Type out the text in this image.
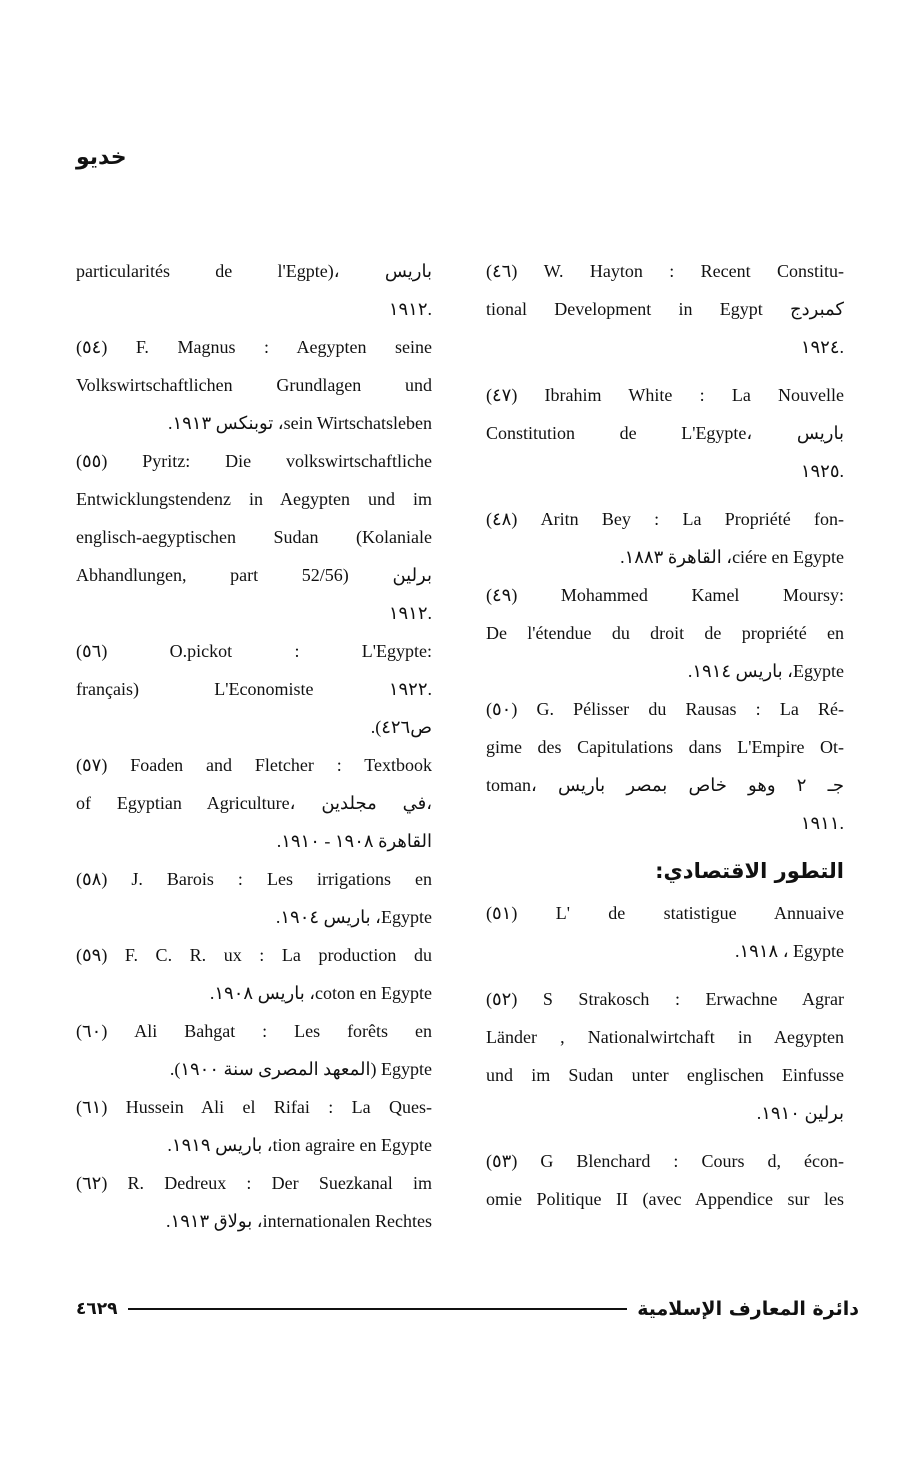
خديو
(٤٦) W. Hayton : Recent Constitu-
tional Development in Egypt كمبردج
.١٩٢٤
(٤٧) Ibrahim White : La Nouvelle
Constitution de L'Egypte، باريس
.١٩٢٥
(٤٨) Aritn Bey : La Propriété fon-
ciére en Egypte، القاهرة ١٨٨٣.
(٤٩) Mohammed Kamel Moursy:
De l'étendue du droit de propriété en
Egypte، باريس ١٩١٤.
(٥٠) G. Pélisser du Rausas : La Ré-
gime des Capitulations dans L'Empire Ot-
toman، جـ ٢ وهو خاص بمصر باريس
.١٩١١
التطور الاقتصادي:
(٥١) L' de statistigue Annuaive
Egypte ، ١٩١٨.
(٥٢) S Strakosch : Erwachne Agrar
Länder , Nationalwirtchaft in Aegypten
und im Sudan unter englischen Einfusse
برلين ١٩١٠.
(٥٣) G Blenchard : Cours d, écon-
omie Politique II (avec Appendice sur les
particularités de l'Egpte)، باريس
.١٩١٢
(٥٤) F. Magnus : Aegypten seine
Volkswirtschaftlichen Grundlagen und
sein Wirtschatsleben، توبنكس ١٩١٣.
(٥٥) Pyritz: Die volkswirtschaftliche
Entwicklungstendenz in Aegypten und im
englisch-aegyptischen Sudan (Kolaniale
Abhandlungen, part 52/56) برلين
.١٩١٢
(٥٦) O.pickot : L'Egypte:
français) L'Economiste ١٩٢٢.
ص٤٢٦).
(٥٧) Foaden and Fletcher : Textbook
of Egyptian Agriculture، في مجلدين،
القاهرة ١٩٠٨ - ١٩١٠.
(٥٨) J. Barois : Les irrigations en
Egypte، باريس ١٩٠٤.
(٥٩) F. C. R. ux : La production du
coton en Egypte، باريس ١٩٠٨.
(٦٠) Ali Bahgat : Les forêts en
Egypte (المعهد المصرى سنة ١٩٠٠).
(٦١) Hussein Ali el Rifai : La Ques-
tion agraire en Egypte، باريس ١٩١٩.
(٦٢) R. Dedreux : Der Suezkanal im
internationalen Rechtes، بولاق ١٩١٣.
٤٦٢٩	دائرة المعارف الإسلامية
